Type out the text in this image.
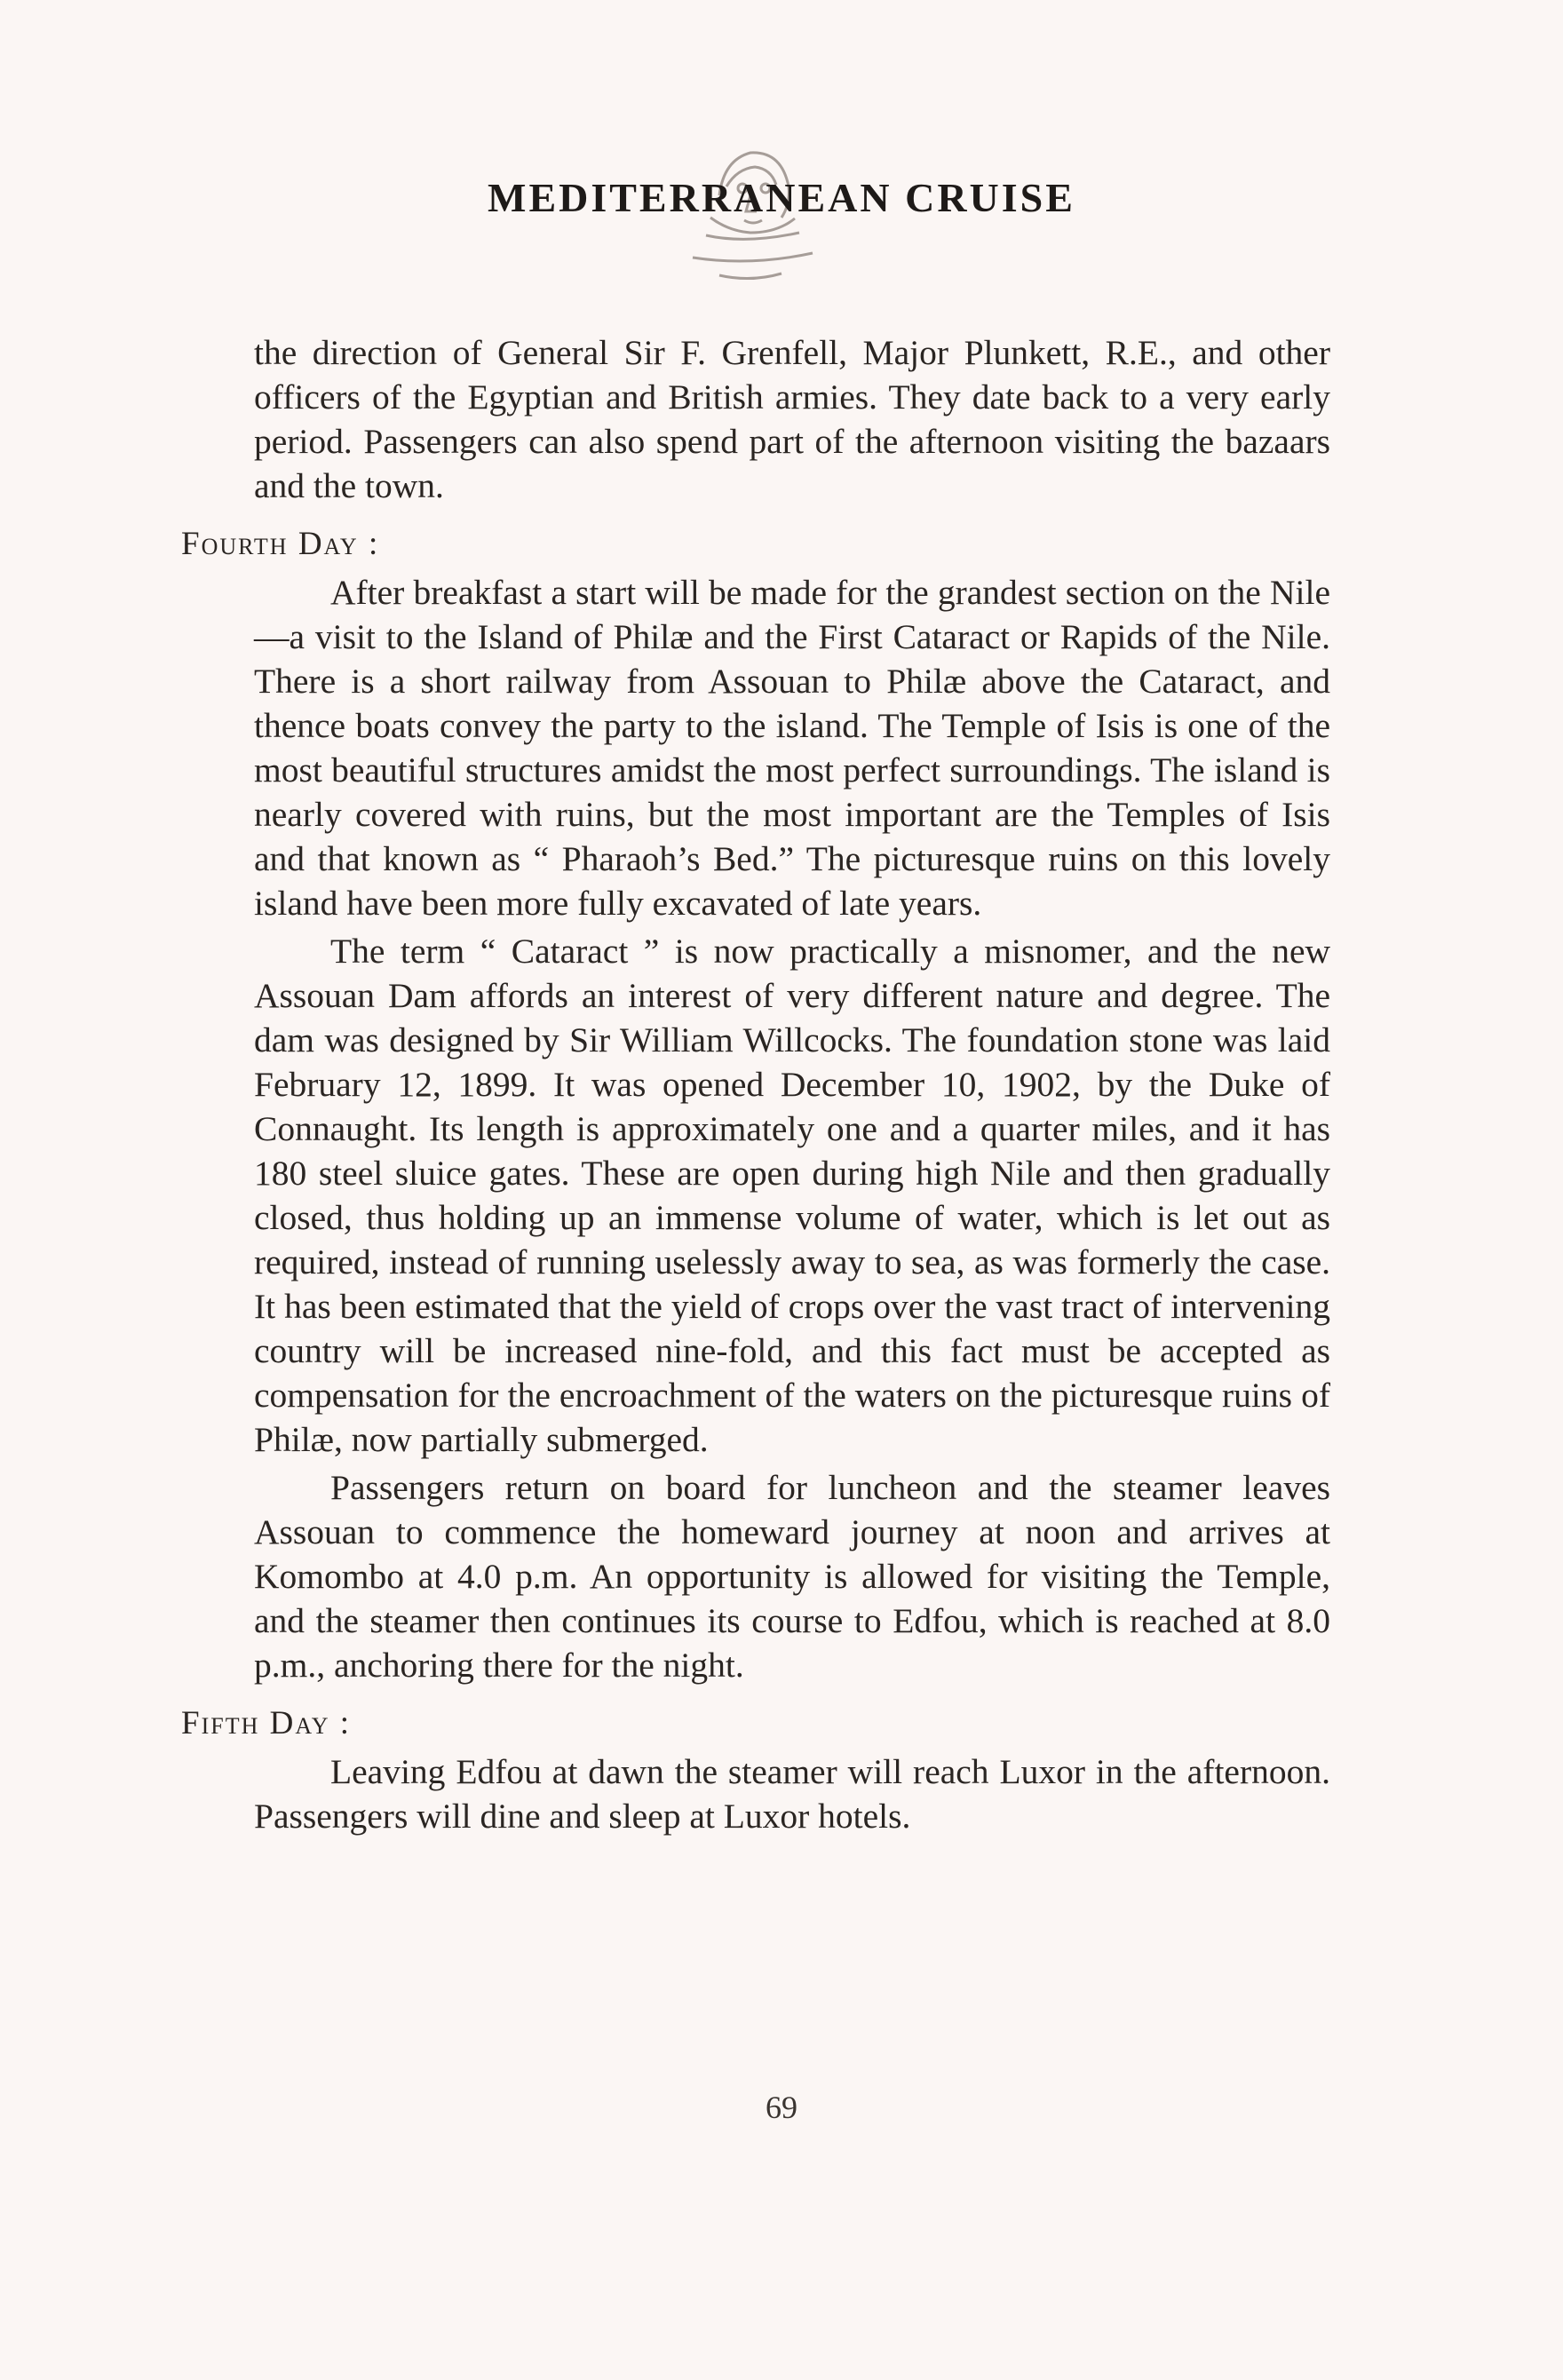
MEDITERRANEAN CRUISE

the direction of General Sir F. Grenfell, Major Plunkett, R.E., and other officers of the Egyptian and British armies. They date back to a very early period. Passengers can also spend part of the afternoon visiting the bazaars and the town.

Fourth Day :

After breakfast a start will be made for the grandest section on the Nile—a visit to the Island of Philæ and the First Cataract or Rapids of the Nile. There is a short railway from Assouan to Philæ above the Cataract, and thence boats convey the party to the island. The Temple of Isis is one of the most beautiful structures amidst the most perfect surroundings. The island is nearly covered with ruins, but the most important are the Temples of Isis and that known as “ Pharaoh’s Bed.” The picturesque ruins on this lovely island have been more fully excavated of late years.

The term “ Cataract ” is now practically a misnomer, and the new Assouan Dam affords an interest of very different nature and degree. The dam was designed by Sir William Willcocks. The foundation stone was laid February 12, 1899. It was opened December 10, 1902, by the Duke of Connaught. Its length is approximately one and a quarter miles, and it has 180 steel sluice gates. These are open during high Nile and then gradually closed, thus holding up an immense volume of water, which is let out as required, instead of running uselessly away to sea, as was formerly the case. It has been estimated that the yield of crops over the vast tract of intervening country will be increased nine-fold, and this fact must be accepted as compensation for the encroachment of the waters on the picturesque ruins of Philæ, now partially submerged.

Passengers return on board for luncheon and the steamer leaves Assouan to commence the homeward journey at noon and arrives at Komombo at 4.0 p.m. An opportunity is allowed for visiting the Temple, and the steamer then continues its course to Edfou, which is reached at 8.0 p.m., anchoring there for the night.

Fifth Day :

Leaving Edfou at dawn the steamer will reach Luxor in the afternoon. Passengers will dine and sleep at Luxor hotels.

69
